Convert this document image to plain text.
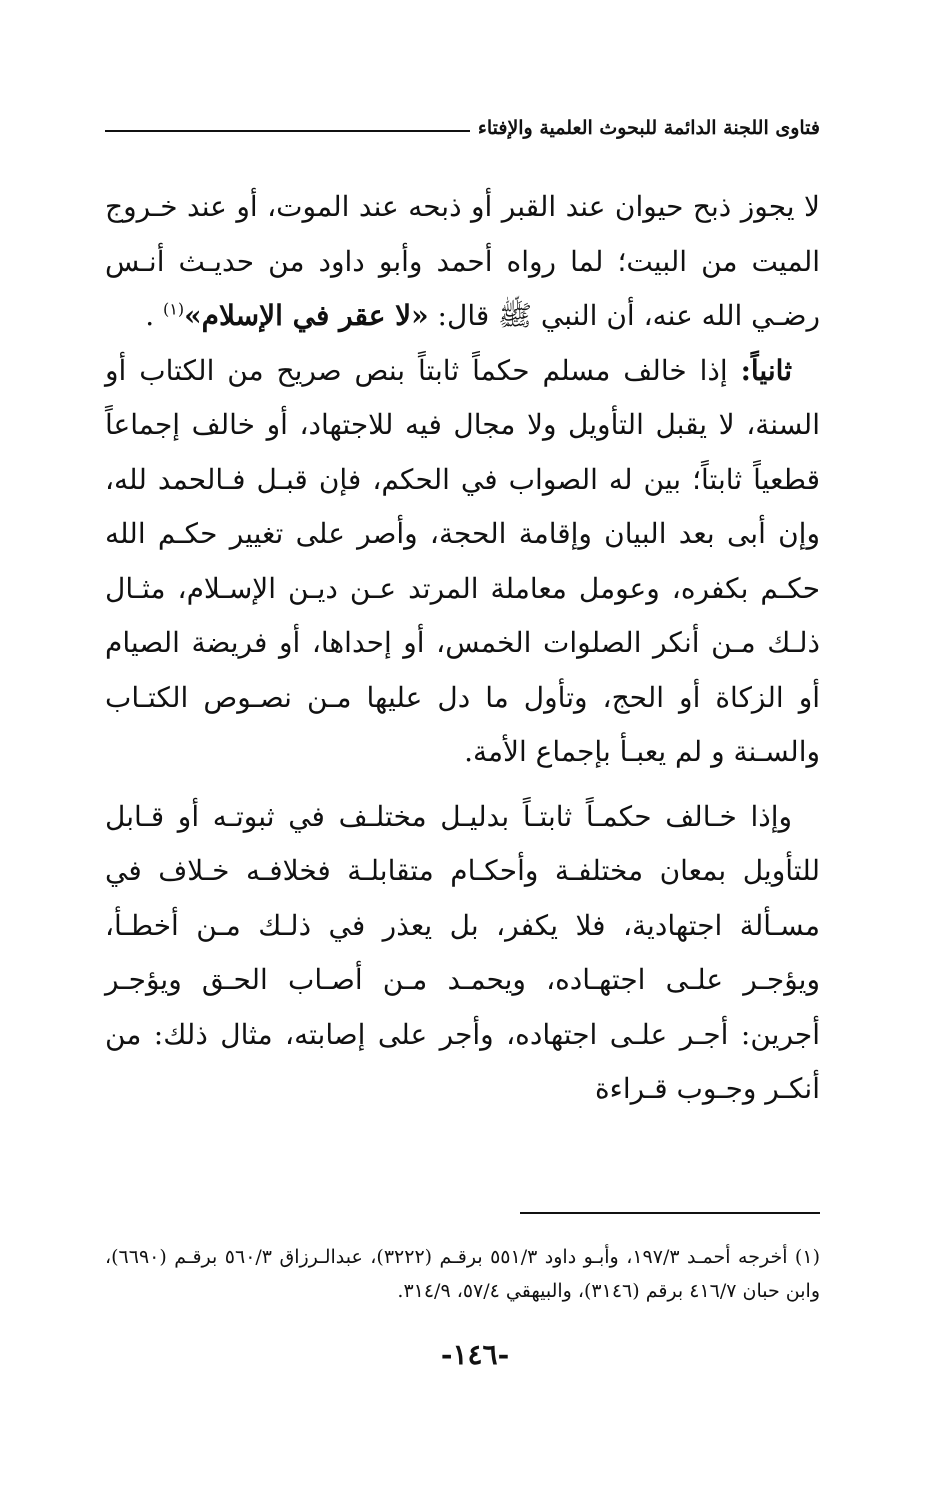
فتاوى اللجنة الدائمة للبحوث العلمية والإفتاء

لا يجوز ذبح حيوان عند القبر أو ذبحه عند الموت، أو عند خـروج الميت من البيت؛ لما رواه أحمد وأبو داود من حديـث أنـس رضـي الله عنه، أن النبي ﷺ قال: «لا عقر في الإسلام»$^{(١)}$ .

ثانياً: إذا خالف مسلم حكماً ثابتاً بنص صريح من الكتاب أو السنة، لا يقبل التأويل ولا مجال فيه للاجتهاد، أو خالف إجماعاً قطعياً ثابتاً؛ بين له الصواب في الحكم، فإن قبـل فـالحمد لله، وإن أبى بعد البيان وإقامة الحجة، وأصر على تغيير حكـم الله حكـم بكفره، وعومل معاملة المرتد عـن ديـن الإسـلام، مثـال ذلـك مـن أنكر الصلوات الخمس، أو إحداها، أو فريضة الصيام أو الزكاة أو الحج، وتأول ما دل عليها مـن نصـوص الكتـاب والسـنة و لم يعبـأ بإجماع الأمة.

وإذا خـالف حكمـاً ثابتـاً بدليـل مختلـف في ثبوتـه أو قـابل للتأويل بمعان مختلفـة وأحكـام متقابلـة فخلافـه خـلاف في مسـألة اجتهادية، فلا يكفر، بل يعذر في ذلـك مـن أخطـأ، ويؤجـر علـى اجتهـاده، ويحمـد مـن أصـاب الحـق ويؤجـر أجرين: أجـر علـى اجتهاده، وأجر على إصابته، مثال ذلك: من أنكـر وجـوب قـراءة

(١) أخرجه أحمـد ١٩٧/٣، وأبـو داود ٥٥١/٣ برقـم (٣٢٢٢)، عبدالـرزاق ٥٦٠/٣ برقـم (٦٦٩٠)، وابن حبان ٤١٦/٧ برقم (٣١٤٦)، والبيهقي ٥٧/٤، ٣١٤/٩.

-١٤٦-
